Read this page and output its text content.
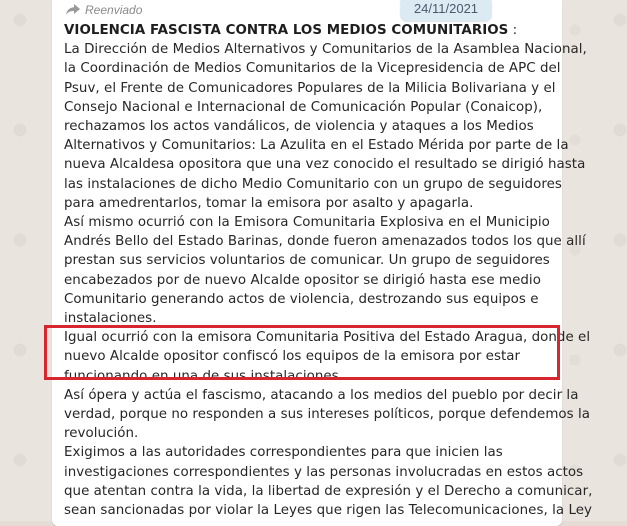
Reenviado	24/11/2021
VIOLENCIA FASCISTA CONTRA LOS MEDIOS COMUNITARIOS :
La Dirección de Medios Alternativos y Comunitarios de la Asamblea Nacional,
la Coordinación de Medios Comunitarios de la Vicepresidencia de APC del
Psuv, el Frente de Comunicadores Populares de la Milicia Bolivariana y el
Consejo Nacional e Internacional de Comunicación Popular (Conaicop),
rechazamos los actos vandálicos, de violencia y ataques a los Medios
Alternativos y Comunitarios: La Azulita en el Estado Mérida por parte de la
nueva Alcaldesa opositora que una vez conocido el resultado se dirigió hasta
las instalaciones de dicho Medio Comunitario con un grupo de seguidores
para amedrentarlos, tomar la emisora por asalto y apagarla.
Así mismo ocurrió con la Emisora Comunitaria Explosiva en el Municipio
Andrés Bello del Estado Barinas, donde fueron amenazados todos los que allí
prestan sus servicios voluntarios de comunicar. Un grupo de seguidores
encabezados por de nuevo Alcalde opositor se dirigió hasta ese medio
Comunitario generando actos de violencia, destrozando sus equipos e
instalaciones.
Igual ocurrió con la emisora Comunitaria Positiva del Estado Aragua, donde el
nuevo Alcalde opositor confiscó los equipos de la emisora por estar
funcionando en una de sus instalaciones.
Así ópera y actúa el fascismo, atacando a los medios del pueblo por decir la
verdad, porque no responden a sus intereses políticos, porque defendemos la
revolución.
Exigimos a las autoridades correspondientes para que inicien las
investigaciones correspondientes y las personas involucradas en estos actos
que atentan contra la vida, la libertad de expresión y el Derecho a comunicar,
sean sancionadas por violar la Leyes que rigen las Telecomunicaciones, la Ley
